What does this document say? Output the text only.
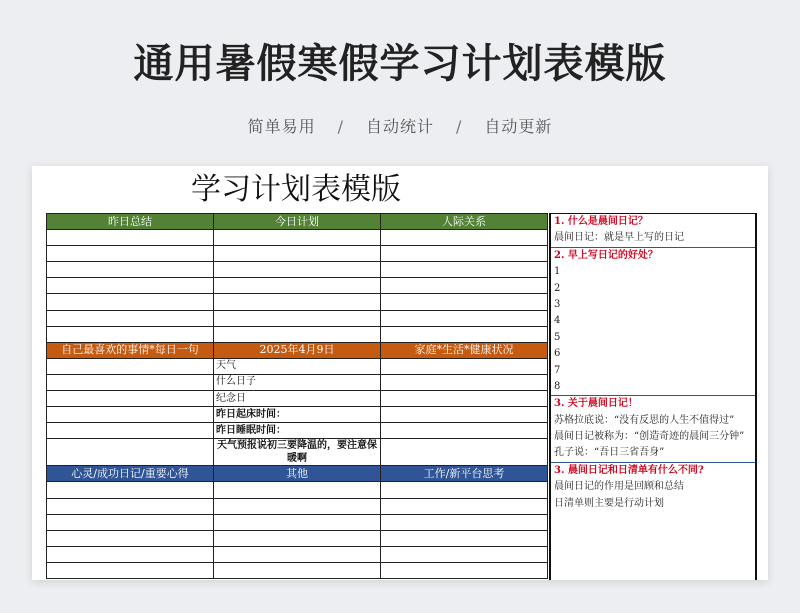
通用暑假寒假学习计划表模版
简单易用 / 自动统计 / 自动更新
学习计划表模版
昨日总结	今日计划	人际关系

自己最喜欢的事情*每日一句	2025年4月9日	家庭*生活*健康状况
	天气	
	什么日子	
	纪念日	
	昨日起床时间：	
	昨日睡眠时间：	
	天气预报说初三要降温的，要注意保暖啊	
心灵/成功日记/重要心得	其他	工作/新平台思考

1. 什么是晨间日记？
晨间日记：就是早上写的日记
2. 早上写日记的好处？
1
2
3
4
5
6
7
8
3. 关于晨间日记！
苏格拉底说：“没有反思的人生不值得过”
晨间日记被称为：“创造奇迹的晨间三分钟”
孔子说：“吾日三省吾身”
3. 晨间日记和日清单有什么不同?
晨间日记的作用是回顾和总结
日清单则主要是行动计划
